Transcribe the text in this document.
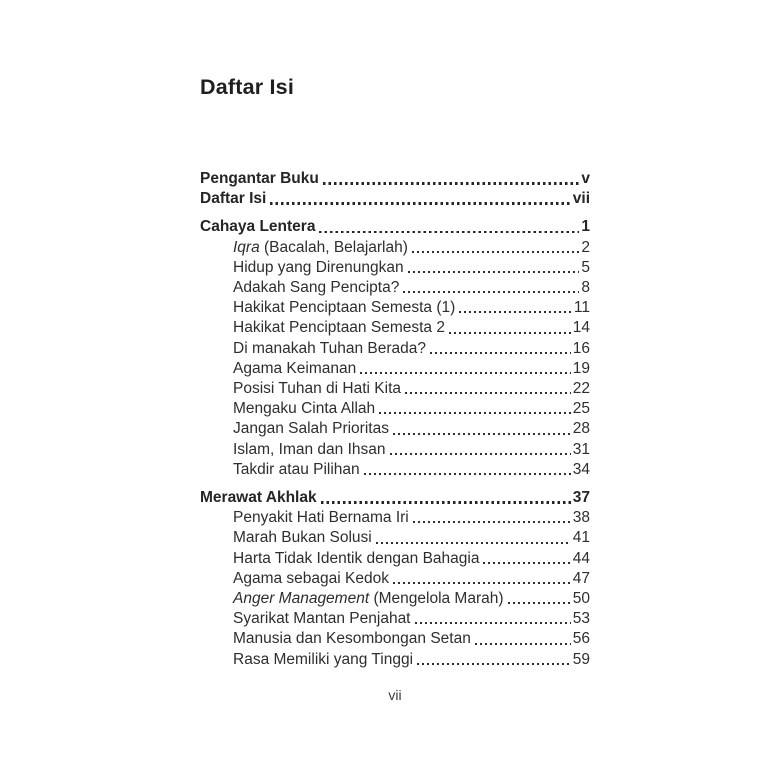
Daftar Isi
Pengantar Buku	v
Daftar Isi	vii
Cahaya Lentera	1
Iqra (Bacalah, Belajarlah)	2
Hidup yang Direnungkan	5
Adakah Sang Pencipta?	8
Hakikat Penciptaan Semesta (1)	11
Hakikat Penciptaan Semesta 2	14
Di manakah Tuhan Berada?	16
Agama Keimanan	19
Posisi Tuhan di Hati Kita	22
Mengaku Cinta Allah	25
Jangan Salah Prioritas	28
Islam, Iman dan Ihsan	31
Takdir atau Pilihan	34
Merawat Akhlak	37
Penyakit Hati Bernama Iri	38
Marah Bukan Solusi	41
Harta Tidak Identik dengan Bahagia	44
Agama sebagai Kedok	47
Anger Management (Mengelola Marah)	50
Syarikat Mantan Penjahat	53
Manusia dan Kesombongan Setan	56
Rasa Memiliki yang Tinggi	59
vii
